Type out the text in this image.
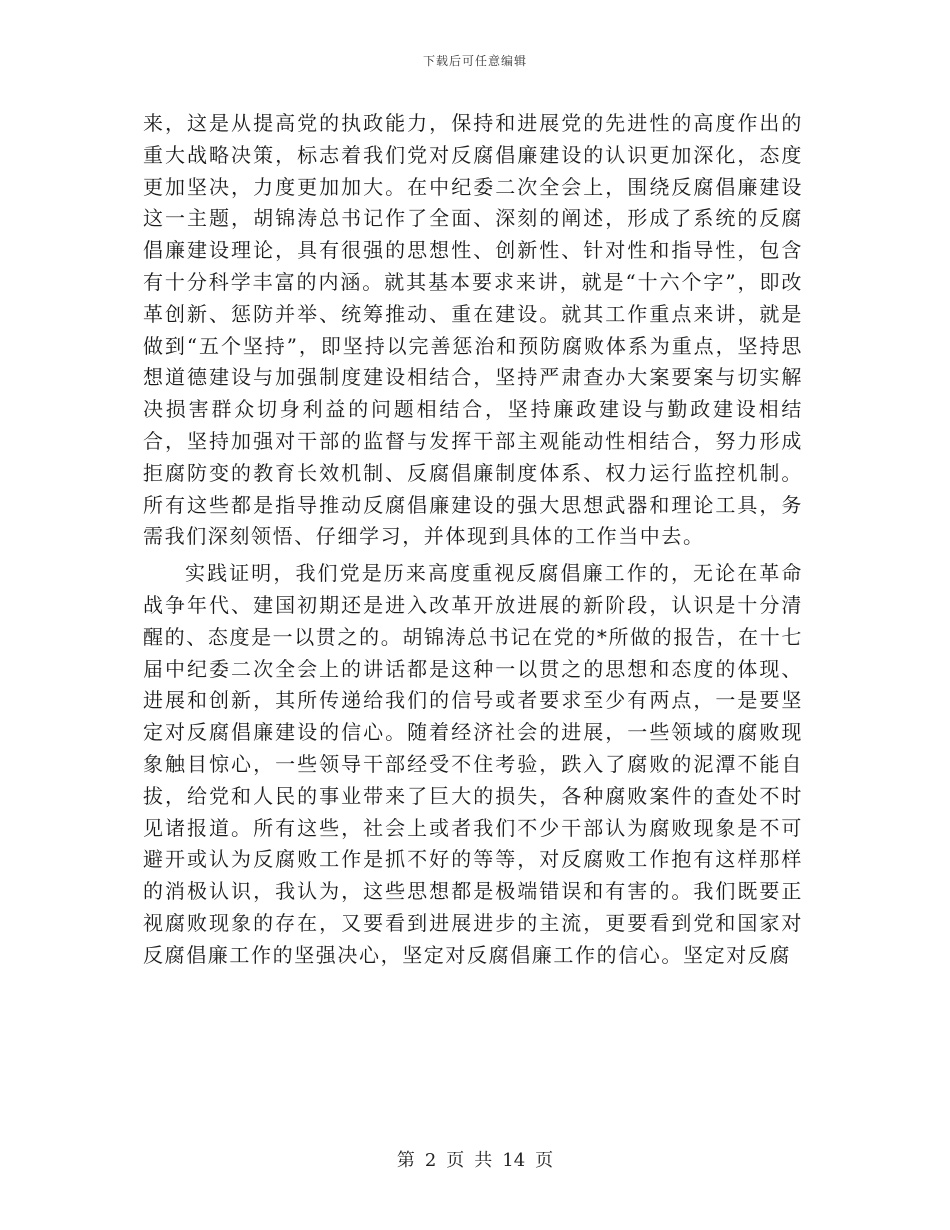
下载后可任意编辑

来，这是从提高党的执政能力，保持和进展党的先进性的高度作出的重大战略决策，标志着我们党对反腐倡廉建设的认识更加深化，态度更加坚决，力度更加加大。在中纪委二次全会上，围绕反腐倡廉建设这一主题，胡锦涛总书记作了全面、深刻的阐述，形成了系统的反腐倡廉建设理论，具有很强的思想性、创新性、针对性和指导性，包含有十分科学丰富的内涵。就其基本要求来讲，就是“十六个字”，即改革创新、惩防并举、统筹推动、重在建设。就其工作重点来讲，就是做到“五个坚持”，即坚持以完善惩治和预防腐败体系为重点，坚持思想道德建设与加强制度建设相结合，坚持严肃查办大案要案与切实解决损害群众切身利益的问题相结合，坚持廉政建设与勤政建设相结合，坚持加强对干部的监督与发挥干部主观能动性相结合，努力形成拒腐防变的教育长效机制、反腐倡廉制度体系、权力运行监控机制。所有这些都是指导推动反腐倡廉建设的强大思想武器和理论工具，务需我们深刻领悟、仔细学习，并体现到具体的工作当中去。

实践证明，我们党是历来高度重视反腐倡廉工作的，无论在革命战争年代、建国初期还是进入改革开放进展的新阶段，认识是十分清醒的、态度是一以贯之的。胡锦涛总书记在党的*所做的报告，在十七届中纪委二次全会上的讲话都是这种一以贯之的思想和态度的体现、进展和创新，其所传递给我们的信号或者要求至少有两点，一是要坚定对反腐倡廉建设的信心。随着经济社会的进展，一些领域的腐败现象触目惊心，一些领导干部经受不住考验，跌入了腐败的泥潭不能自拔，给党和人民的事业带来了巨大的损失，各种腐败案件的查处不时见诸报道。所有这些，社会上或者我们不少干部认为腐败现象是不可避开或认为反腐败工作是抓不好的等等，对反腐败工作抱有这样那样的消极认识，我认为，这些思想都是极端错误和有害的。我们既要正视腐败现象的存在，又要看到进展进步的主流，更要看到党和国家对反腐倡廉工作的坚强决心，坚定对反腐倡廉工作的信心。坚定对反腐

第 2 页 共 14 页
